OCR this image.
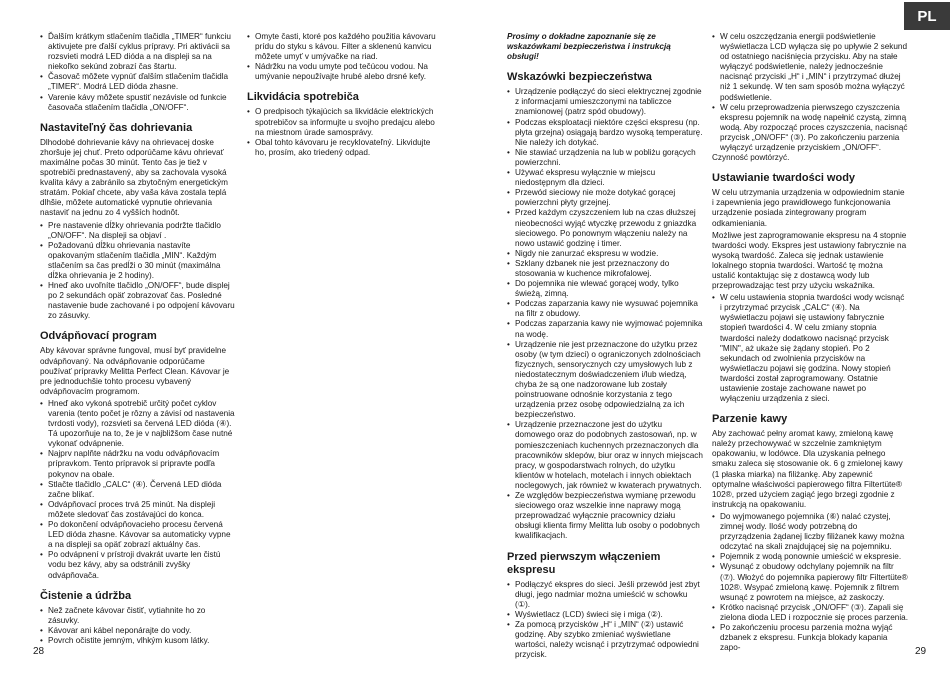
PL
• Ďalším krátkym stlačením tlačidla „TIMER“ funkciu aktivujete pre ďalší cyklus prípravy. Pri aktivácii sa rozsvieti modrá LED dióda a na displeji sa na niekoľko sekúnd zobrazí čas štartu.
• Časovač môžete vypnúť ďalším stlačením tlačidla „TIMER“. Modrá LED dióda zhasne.
• Varenie kávy môžete spustiť nezávisle od funkcie časovača stlačením tlačidla „ON/OFF“.
Nastaviteľný čas dohrievania

Dlhodobé dohrievanie kávy na ohrievacej doske zhoršuje jej chuť. Preto odporúčame kávu ohrievať maximálne počas 30 minút. Tento čas je tiež v spotrebiči prednastavený, aby sa zachovala vysoká kvalita kávy a zabránilo sa zbytočným energetickým stratám. Pokiaľ chcete, aby vaša káva zostala teplá dlhšie, môžete automatické vypnutie ohrievania nastaviť na jednu zo 4 vyšších hodnôt.

• Pre nastavenie dĺžky ohrievania podržte tlačidlo „ON/OFF“. Na displeji sa objaví .
• Požadovanú dĺžku ohrievania nastavíte opakovaným stlačením tlačidla „MIN“. Každým stlačením sa čas predĺži o 30 minút (maximálna dĺžka ohrievania je 2 hodiny).
• Hneď ako uvoľníte tlačidlo „ON/OFF“, bude displej po 2 sekundách opäť zobrazovať čas. Posledné nastavenie bude zachované i po odpojení kávovaru zo zásuvky.
Odvápňovací program

Aby kávovar správne fungoval, musí byť pravidelne odvápňovaný. Na odvápňovanie odporúčame používať prípravky Melitta Perfect Clean. Kávovar je pre jednoduchšie tohto procesu vybavený odvápňovacím programom.

• Hneď ako vykoná spotrebič určitý počet cyklov varenia (tento počet je rôzny a závisí od nastavenia tvrdosti vody), rozsvieti sa červená LED dióda (④). Tá upozorňuje na to, že je v najbližšom čase nutné vykonať odvápnenie.
• Najprv naplňte nádržku na vodu odvápňovacím prípravkom. Tento prípravok si pripravte podľa pokynov na obale.
• Stlačte tlačidlo „CALC“ (④). Červená LED dióda začne blikať.
• Odvápňovací proces trvá 25 minút. Na displeji môžete sledovať čas zostávajúci do konca.
• Po dokončení odvápňovacieho procesu červená LED dióda zhasne. Kávovar sa automaticky vypne a na displeji sa opäť zobrazí aktuálny čas.
• Po odvápnení v prístroji dvakrát uvarte len čistú vodu bez kávy, aby sa odstránili zvyšky odvápňovača.
Čistenie a údržba
• Než začnete kávovar čistiť, vytiahnite ho zo zásuvky.
• Kávovar ani kábel neponárajte do vody.
• Povrch očistite jemným, vlhkým kusom látky.
• Omyte časti, ktoré pos každého použitia kávovaru prídu do styku s kávou. Filter a sklenenú kanvicu môžete umyť v umývačke na riad.
• Nádržku na vodu umyte pod tečúcou vodou. Na umývanie nepoužívajte hrubé alebo drsné kefy.
Likvidácia spotrebiča
• O predpisoch týkajúcich sa likvidácie elektrických spotrebičov sa informujte u svojho predajcu alebo na miestnom úrade samosprávy.
• Obal tohto kávovaru je recyklovateľný. Likvidujte ho, prosím, ako triedený odpad.

Prosimy o dokładne zapoznanie się ze wskazówkami bezpieczeństwa i instrukcją obsługi!

Wskazówki bezpieczeństwa
• Urządzenie podłączyć do sieci elektrycznej zgodnie z informacjami umieszczonymi na tabliczce znamionowej (patrz spód obudowy).
• Podczas eksploatacji niektóre części ekspresu (np. płyta grzejna) osiągają bardzo wysoką temperaturę. Nie należy ich dotykać.
• Nie stawiać urządzenia na lub w pobliżu gorących powierzchni.
• Używać ekspresu wyłącznie w miejscu niedostępnym dla dzieci.
• Przewód sieciowy nie może dotykać gorącej powierzchni płyty grzejnej.
• Przed każdym czyszczeniem lub na czas dłuższej nieobecności wyjąć wtyczkę przewodu z gniazdka sieciowego. Po ponownym włączeniu należy na nowo ustawić godzinę i timer.
• Nigdy nie zanurzać ekspresu w wodzie.
• Szklany dzbanek nie jest przeznaczony do stosowania w kuchence mikrofalowej.
• Do pojemnika nie wlewać gorącej wody, tylko świeżą, zimną.
• Podczas zaparzania kawy nie wysuwać pojemnika na filtr z obudowy.
• Podczas zaparzania kawy nie wyjmować pojemnika na wodę.
• Urządzenie nie jest przeznaczone do użytku przez osoby (w tym dzieci) o ograniczonych zdolnościach fizycznych, sensorycznych czy umysłowych lub z niedostatecznym doświadczeniem i/lub wiedzą, chyba że są one nadzorowane lub zostały poinstruowane odnośnie korzystania z tego urządzenia przez osobę odpowiedzialną za ich bezpieczeństwo.
• Urządzenie przeznaczone jest do użytku domowego oraz do podobnych zastosowań, np. w pomieszczeniach kuchennych przeznaczonych dla pracowników sklepów, biur oraz w innych miejscach pracy, w gospodarstwach rolnych, do użytku klientów w hotelach, motelach i innych obiektach noclegowych, jak również w kwaterach prywatnych.
• Ze względów bezpieczeństwa wymianę przewodu sieciowego oraz wszelkie inne naprawy mogą przeprowadzać wyłącznie pracownicy działu obsługi klienta firmy Melitta lub osoby o podobnych kwalifikacjach.
Przed pierwszym włączeniem ekspresu
• Podłączyć ekspres do sieci. Jeśli przewód jest zbyt długi, jego nadmiar można umieścić w schowku (①).
• Wyświetlacz (LCD) świeci się i miga (②).
• Za pomocą przycisków „H“ i „MIN“ (②) ustawić godzinę. Aby szybko zmieniać wyświetlane wartości, należy wcisnąć i przytrzymać odpowiedni przycisk.
• W celu oszczędzania energii podświetlenie wyświetlacza LCD wyłącza się po upływie 2 sekund od ostatniego naciśnięcia przycisku. Aby na stałe wyłączyć podświetlenie, należy jednocześnie nacisnąć przyciski „H“ i „MIN“ i przytrzymać dłużej niż 1 sekundę. W ten sam sposób można wyłączyć podświetlenie.
• W celu przeprowadzenia pierwszego czyszczenia ekspresu pojemnik na wodę napełnić czystą, zimną wodą. Aby rozpocząć proces czyszczenia, nacisnąć przycisk „ON/OFF“ (③). Po zakończeniu parzenia wyłączyć urządzenie przyciskiem „ON/OFF“.

Czynność powtórzyć.

Ustawianie twardości wody

W celu utrzymania urządzenia w odpowiednim stanie i zapewnienia jego prawidłowego funkcjonowania urządzenie posiada zintegrowany program odkamieniania.

Możliwe jest zaprogramowanie ekspresu na 4 stopnie twardości wody. Ekspres jest ustawiony fabrycznie na wysoką twardość. Zaleca się jednak ustawienie lokalnego stopnia twardości. Wartość tę można ustalić kontaktując się z dostawcą wody lub przeprowadzając test przy użyciu wskaźnika.

• W celu ustawienia stopnia twardości wody wcisnąć i przytrzymać przycisk „CALC“ (④). Na wyświetlaczu pojawi się ustawiony fabrycznie stopień twardości 4. W celu zmiany stopnia twardości należy dodatkowo nacisnąć przycisk "MIN", aż ukaże się żądany stopień. Po 2 sekundach od zwolnienia przycisków na wyświetlaczu pojawi się godzina. Nowy stopień twardości został zaprogramowany. Ostatnie ustawienie zostaje zachowane nawet po wyłączeniu urządzenia z sieci.
Parzenie kawy

Aby zachować pełny aromat kawy, zmieloną kawę należy przechowywać w szczelnie zamkniętym opakowaniu, w lodówce. Dla uzyskania pełnego smaku zaleca się stosowanie ok. 6 g zmielonej kawy (1 płaska miarka) na filiżankę. Aby zapewnić optymalne właściwości papierowego filtra Filtertüte® 102®, przed użyciem zagiąć jego brzegi zgodnie z instrukcją na opakowaniu.

• Do wyjmowanego pojemnika (⑥) nalać czystej, zimnej wody. Ilość wody potrzebną do przyrządzenia żądanej liczby filiżanek kawy można odczytać na skali znajdującej się na pojemniku.
• Pojemnik z wodą ponownie umieścić w ekspresie.
• Wysunąć z obudowy odchylany pojemnik na filtr (⑦). Włożyć do pojemnika papierowy filtr Filtertüte® 102®. Wsypać zmieloną kawę. Pojemnik z filtrem wsunąć z powrotem na miejsce, aż zaskoczy.
• Krótko nacisnąć przycisk „ON/OFF“ (③). Zapali się zielona dioda LED i rozpocznie się proces parzenia.
• Po zakończeniu procesu parzenia można wyjąć dzbanek z ekspresu. Funkcja blokady kapania zapo-
28	29
